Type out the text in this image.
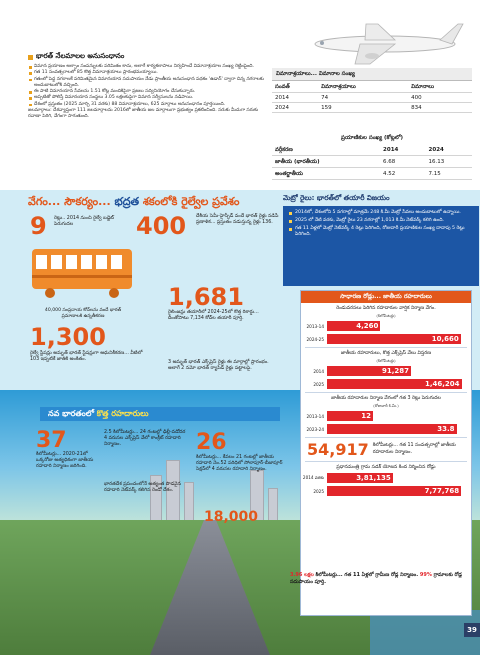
భారత్ నేలమాలల అనుసంధానం
విమాన ప్రయాణం అల్పాం సంపన్నులకు పరిమితం కాదు, అలాగే కార్యకలాపాలు నిర్వహించే విమానాశ్రయాల సంఖ్య రెట్టింపైంది.
గత 11 సంవత్సరాలలో 85 కొత్త విమానాశ్రయాలు ప్రారంభమయ్యాయి.
గతంలో పెద్ద నగరాలకే పరిమితమైన విమానయాన సదుపాయం నేడు ప్రాంతీయ అనుసంధాన పథకం 'ఉడాన్' ద్వారా చిన్న నగరాలకు అందుబాటులోకి వచ్చింది.
ఈ పాటి విమానయాన సేవలను 1.51 కోట్ల మందికిపైగా ప్రజలు సద్వినియోగం చేసుకున్నారు.
అప్పటితో పోలిస్తే విమానయాన సంస్థలు 3.05 లక్షలకుపైగా విమాన సర్వీసులను నడిపాయి.
దేశంలో ప్రస్తుతం (2025 మార్చి 31 వరకు) 88 విమానాశ్రయాలు, 625 మార్గాలు అనుసంధానం పూర్తయింది.
జలమార్గాలు: దేశవ్యాప్తంగా 111 జలమార్గాలను 2016లో జాతీయ జల మార్గాలుగా ప్రభుత్వం ప్రకటించింది. సరుకు మీదుగా సరుకు రవాణా పెరిగి, వేగంగా సాగుతుంది.
విమానాశ్రయాలు... విమానాల సంఖ్య
సంవత్	విమానాశ్రయాలు	విమానాలు
2014	74	400
2024	159	834
ప్రయాణికుల సంఖ్య (కోట్లలో)
వర్గీకరణ	2014	2024
జాతీయ (భారతీయ)	6.68	16.13
అంతర్జాతీయ	4.52	7.15
వేగం... సౌకర్యం... భద్రత శకంలోకి రైల్వేల ప్రవేశం
9 రెట్లు.. 2014 నుంచి రైల్వే బడ్జెట్ పెరుగుదల	400 దేశీయ సెమీ-హైస్పీడ్ వందే భారత్ రైళ్లు నడిపే ప్రణాళిక... ప్రస్తుతం నడుస్తున్న రైళ్లు 136.
40,000 సంప్రదాయ కోచ్‌లను వందే భారత్ ప్రమాణాలకి ఉన్నతీకరణ
1,681
రైలింజన్లు తయారీలో 2024-25లో కొత్త రికార్డు... దీంతోపాటు 7,134 కోచ్‌ల తయారీ పూర్తి.
1,300
రైల్వే స్టేషన్లు అమృత్ భారత్ స్టేషన్లుగా ఆధునికీకరణ... వీటిలో 103 ఇప్పటికే జాతికి అంకితం.
3 అమృత్ భారత్ ఎక్స్‌ప్రెస్ రైళ్లు ఈ మార్గాల్లో ప్రారంభం. అలాగే 2 నమో భారత్ ర్యాపిడ్ రైళ్లు పట్టాలపై.
నవ భారతంలో కొత్త రహదారులు
37
కిలోమీటర్లు... 2020-21లో ఒక్కరోజు అత్యధికంగా జాతీయ రహదారి నిర్మాణం జరిగింది.
2.5 కిలోమీటర్లు... 24 గంటల్లో ఢిల్లీ-వడోదర 4 వరుసల ఎక్స్‌ప్రెస్ వేలో కాంక్రీట్ రహదారి నిర్మాణం.
భారతదేశ ప్రపంచంలోనే అత్యంత పొడవైన రహదారి నెట్‌వర్క్ కలిగిన రెండో దేశం.
26
కిలోమీటర్లు... కేవలం 21 గంటల్లో జాతీయ రహదారి నెం.52 పరిధిలో సోలాపూర్-బీజాపూర్ సెక్షన్‌లో 4 వరుసల రహదారి నిర్మాణం.
18,000
మెట్రో రైలు: భారత్‌లో తయారీ విజయం
2014లో, దేశంలోని 5 నగరాల్లో మాత్రమే 248 కి.మీ మెట్రో సేవలు అందుబాటులో ఉన్నాయి.
2025 లో నేటి వరకు, మెట్రో రైలు 23 నగరాల్లో 1,013 కి.మీ నెట్‌వర్క్ కలిగి ఉంది.
గత 11 ఏళ్లలో మెట్రో నెట్‌వర్క్ 4 రెట్లు పెరిగింది, రోజువారీ ప్రయాణికుల సంఖ్య దాదాపు 5 రెట్లు పెరిగింది.
సాధారణ రోడ్లు... జాతీయ రహదారులు
రెండువరసలు పెరిగిన రహదారుల వార్షిక నిర్మాణ వేగం.
(కిలోమీటర్లు)
2013-14	4,260
2024-25	10,660
జాతీయ రహదారులు, కొత్త ఎక్స్‌ప్రెస్ వేలు విస్తరణ
(కిలోమీటర్లు)
2014	91,287
2025	1,46,204
జాతీయ రహదారుల నిర్మాణ వేగంలో గత 3 రెట్లు పెరుగుదల
(రోజువారీ కి.మీ.)
2013-14	12
2023-24	33.8
54,917 కిలోమీటర్లు... గత 11 సంవత్సరాల్లో జాతీయ రహదారుల నిర్మాణం.
ప్రధానమంత్రి గ్రామ సడక్ యోజన కింద నిర్మించిన రోడ్లు
2014 వరకు	3,81,135
2025	7,77,768
3.96 లక్షల కిలోమీటర్లు... గత 11 ఏళ్లలో గ్రామీణ రోడ్ల నిర్మాణం. 99% గ్రామాలకు రోడ్ల సదుపాయం పూర్తి.
39
